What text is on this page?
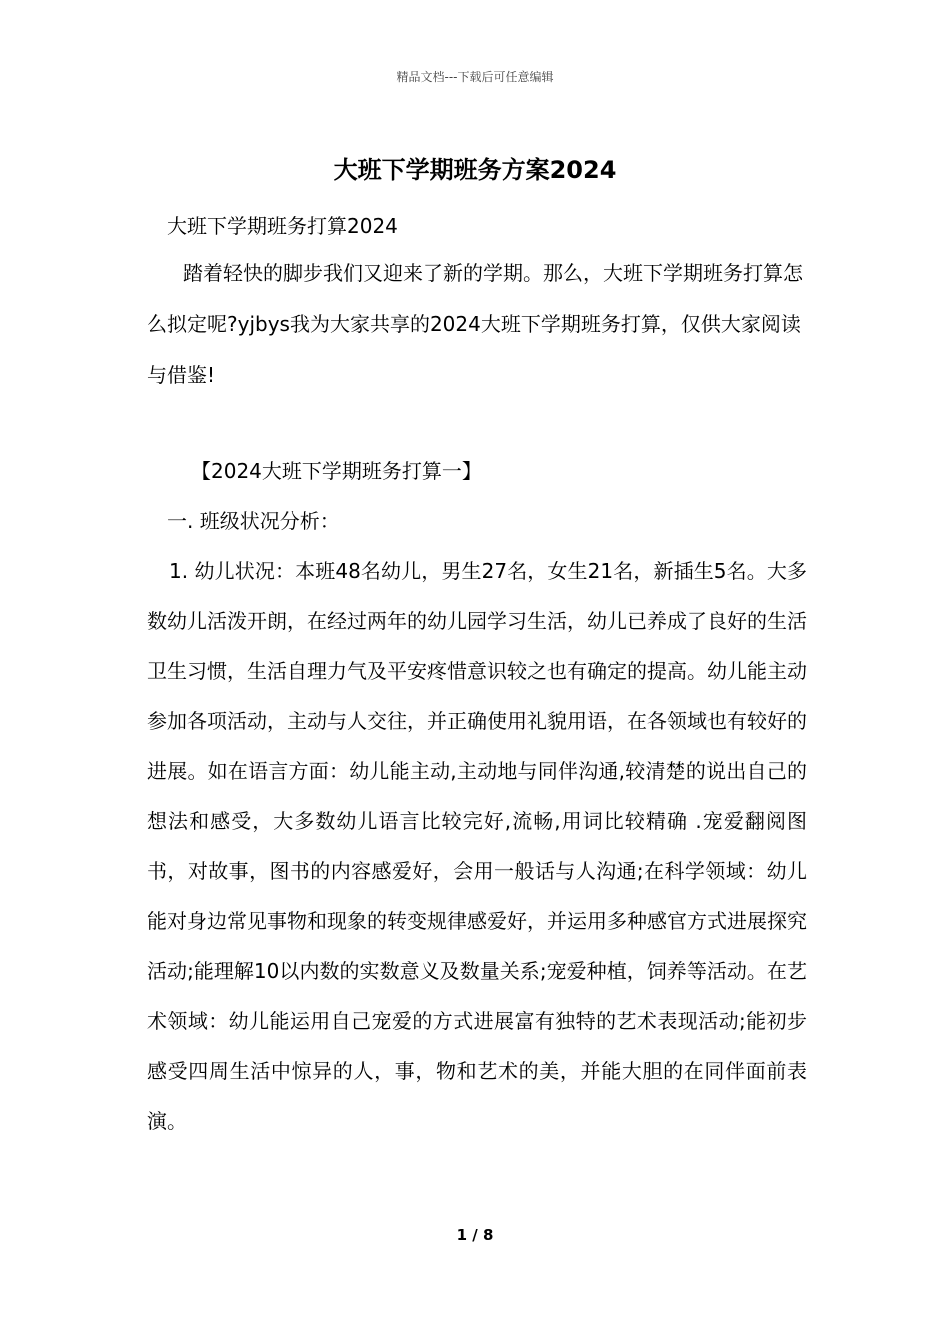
精品文档---下载后可任意编辑
大班下学期班务方案2024
大班下学期班务打算2024
踏着轻快的脚步我们又迎来了新的学期。那么，大班下学期班务打算怎么拟定呢?yjbys我为大家共享的2024大班下学期班务打算，仅供大家阅读与借鉴!
【2024大班下学期班务打算一】
一. 班级状况分析：
1. 幼儿状况：本班48名幼儿，男生27名，女生21名，新插生5名。大多数幼儿活泼开朗，在经过两年的幼儿园学习生活，幼儿已养成了良好的生活卫生习惯，生活自理力气及平安疼惜意识较之也有确定的提高。幼儿能主动参加各项活动，主动与人交往，并正确使用礼貌用语，在各领域也有较好的进展。如在语言方面：幼儿能主动,主动地与同伴沟通,较清楚的说出自己的想法和感受，大多数幼儿语言比较完好,流畅,用词比较精确 .宠爱翻阅图书，对故事，图书的内容感爱好，会用一般话与人沟通;在科学领域：幼儿能对身边常见事物和现象的转变规律感爱好，并运用多种感官方式进展探究活动;能理解10以内数的实数意义及数量关系;宠爱种植，饲养等活动。在艺术领域：幼儿能运用自己宠爱的方式进展富有独特的艺术表现活动;能初步感受四周生活中惊异的人，事，物和艺术的美，并能大胆的在同伴面前表演。
1 / 8
